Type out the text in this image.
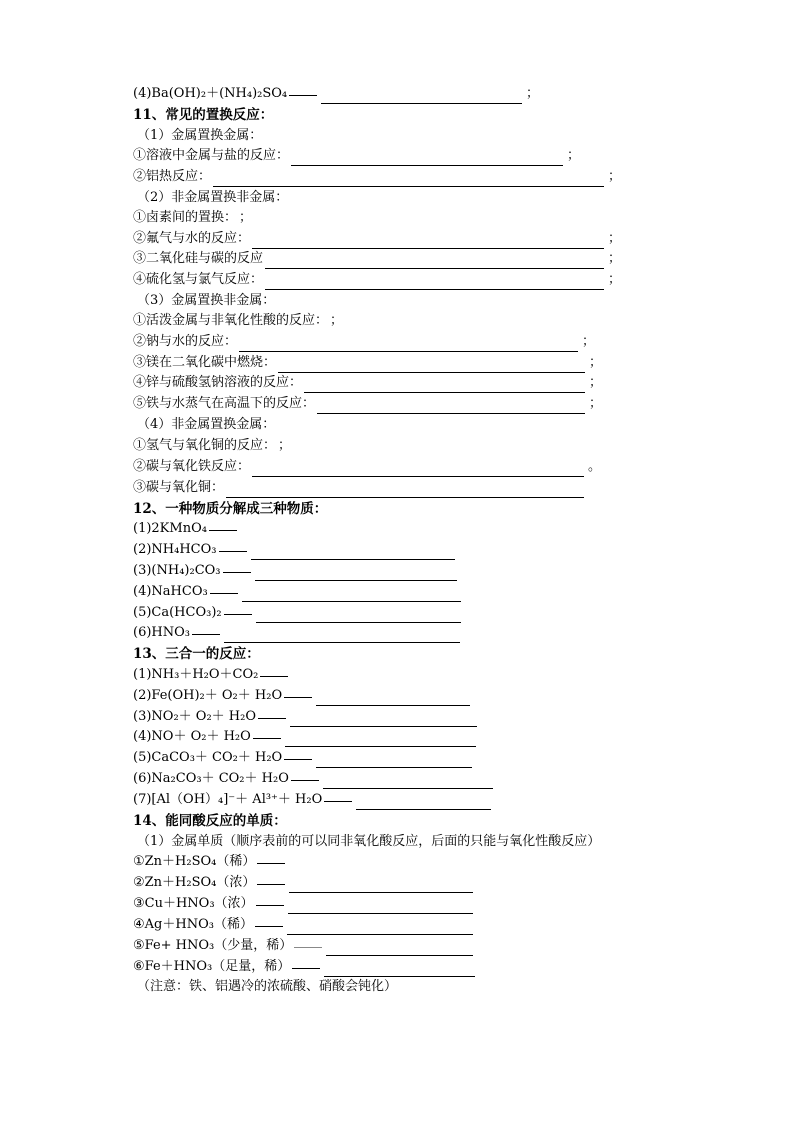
(4)Ba(OH)₂＋(NH₄)₂SO₄	；
11、常见的置换反应：
（1）金属置换金属：
①溶液中金属与盐的反应：	；
②铝热反应：	；
（2）非金属置换非金属：
①卤素间的置换： ；
②氟气与水的反应：	；
③二氧化硅与碳的反应	；
④硫化氢与氯气反应：	；
（3）金属置换非金属：
①活泼金属与非氧化性酸的反应： ；
②钠与水的反应：	；
③镁在二氧化碳中燃烧：	；
④锌与硫酸氢钠溶液的反应：	；
⑤铁与水蒸气在高温下的反应：	；
（4）非金属置换金属：
①氢气与氧化铜的反应： ；
②碳与氧化铁反应：	。
③碳与氧化铜：
12、一种物质分解成三种物质：
(1)2KMnO₄
(2)NH₄HCO₃
(3)(NH₄)₂CO₃
(4)NaHCO₃
(5)Ca(HCO₃)₂
(6)HNO₃
13、三合一的反应：
(1)NH₃＋H₂O＋CO₂
(2)Fe(OH)₂＋ O₂＋ H₂O
(3)NO₂＋ O₂＋ H₂O
(4)NO＋ O₂＋ H₂O
(5)CaCO₃＋ CO₂＋ H₂O
(6)Na₂CO₃＋ CO₂＋ H₂O
(7)[Al（OH）₄]⁻＋ Al³⁺＋ H₂O
14、能同酸反应的单质：
（1）金属单质（顺序表前的可以同非氧化酸反应，后面的只能与氧化性酸反应）
①Zn＋H₂SO₄（稀）
②Zn＋H₂SO₄（浓）
③Cu＋HNO₃（浓）
④Ag＋HNO₃（稀）
⑤Fe+ HNO₃（少量，稀）
⑥Fe＋HNO₃（足量，稀）
（注意：铁、铝遇冷的浓硫酸、硝酸会钝化）
